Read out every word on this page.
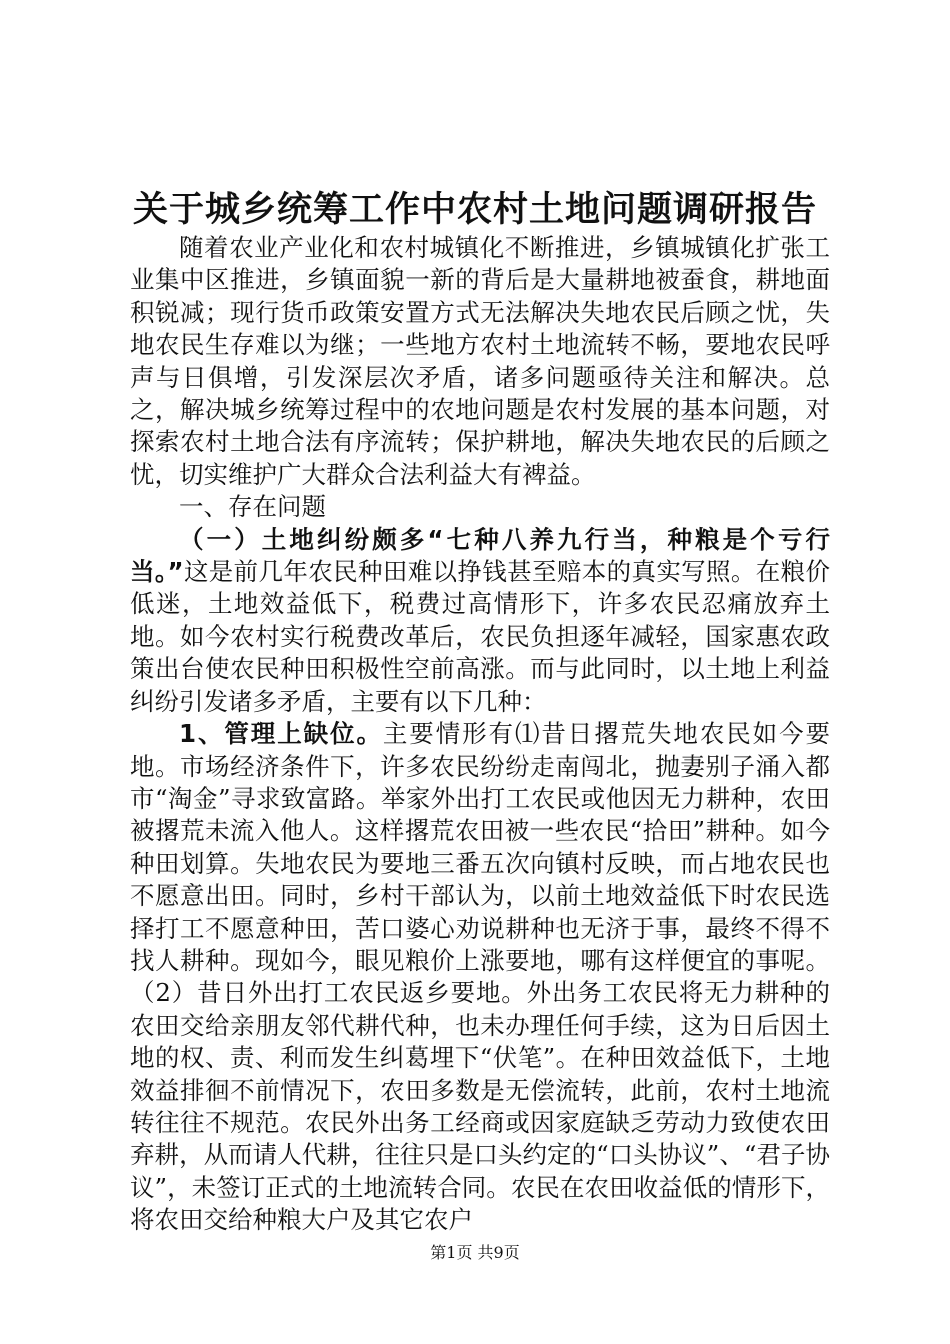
关于城乡统筹工作中农村土地问题调研报告

随着农业产业化和农村城镇化不断推进，乡镇城镇化扩张工业集中区推进，乡镇面貌一新的背后是大量耕地被蚕食，耕地面积锐减；现行货币政策安置方式无法解决失地农民后顾之忧，失地农民生存难以为继；一些地方农村土地流转不畅，要地农民呼声与日俱增，引发深层次矛盾，诸多问题亟待关注和解决。总之，解决城乡统筹过程中的农地问题是农村发展的基本问题，对探索农村土地合法有序流转；保护耕地，解决失地农民的后顾之忧，切实维护广大群众合法利益大有裨益。

一、存在问题

（一）土地纠纷颇多“七种八养九行当，种粮是个亏行当。”这是前几年农民种田难以挣钱甚至赔本的真实写照。在粮价低迷，土地效益低下，税费过高情形下，许多农民忍痛放弃土地。如今农村实行税费改革后，农民负担逐年减轻，国家惠农政策出台使农民种田积极性空前高涨。而与此同时，以土地上利益纠纷引发诸多矛盾，主要有以下几种：

1、管理上缺位。主要情形有⑴昔日撂荒失地农民如今要地。市场经济条件下，许多农民纷纷走南闯北，抛妻别子涌入都市“淘金”寻求致富路。举家外出打工农民或他因无力耕种，农田被撂荒未流入他人。这样撂荒农田被一些农民“拾田”耕种。如今种田划算。失地农民为要地三番五次向镇村反映，而占地农民也不愿意出田。同时，乡村干部认为，以前土地效益低下时农民选择打工不愿意种田，苦口婆心劝说耕种也无济于事，最终不得不找人耕种。现如今，眼见粮价上涨要地，哪有这样便宜的事呢。（2）昔日外出打工农民返乡要地。外出务工农民将无力耕种的农田交给亲朋友邻代耕代种，也未办理任何手续，这为日后因土地的权、责、利而发生纠葛埋下“伏笔”。在种田效益低下，土地效益排徊不前情况下，农田多数是无偿流转，此前，农村土地流转往往不规范。农民外出务工经商或因家庭缺乏劳动力致使农田弃耕，从而请人代耕，往往只是口头约定的“口头协议”、“君子协议”，未签订正式的土地流转合同。农民在农田收益低的情形下，将农田交给种粮大户及其它农户

第1页 共9页
